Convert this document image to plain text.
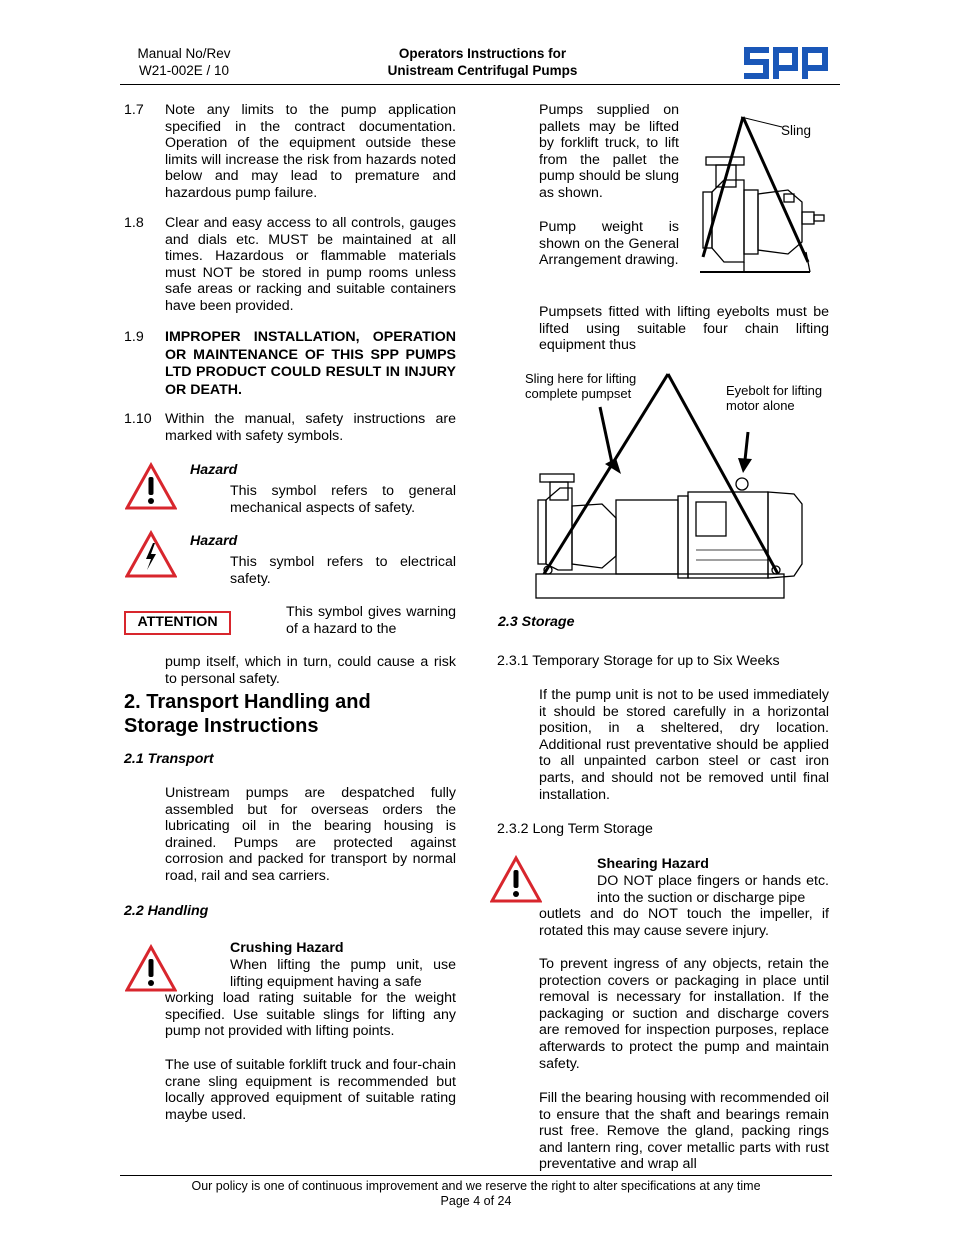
Manual No/Rev
W21-002E / 10
Operators Instructions for
Unistream Centrifugal Pumps
1.7	Note any limits to the pump application specified in the contract documentation. Operation of the equipment outside these limits will increase the risk from hazards noted below and may lead to premature and hazardous pump failure.
1.8	Clear and easy access to all controls, gauges and dials etc. MUST be maintained at all times. Hazardous or flammable materials must NOT be stored in pump rooms unless safe areas or racking and suitable containers have been provided.
1.9	IMPROPER INSTALLATION, OPERATION OR MAINTENANCE OF THIS SPP PUMPS LTD PRODUCT COULD RESULT IN INJURY OR DEATH.
1.10 Within the manual, safety instructions are marked with safety symbols.
Hazard
This symbol refers to general mechanical aspects of safety.
Hazard
This symbol refers to electrical safety.
ATTENTION
This symbol gives warning of a hazard to the
pump itself, which in turn, could cause a risk to personal safety.
2. Transport Handling and Storage Instructions
2.1 Transport
Unistream pumps are despatched fully assembled but for overseas orders the lubricating oil in the bearing housing is drained. Pumps are protected against corrosion and packed for transport by normal road, rail and sea carriers.
2.2 Handling
Crushing Hazard
When lifting the pump unit, use lifting equipment having a safe
working load rating suitable for the weight specified. Use suitable slings for lifting any pump not provided with lifting points.
The use of suitable forklift truck and four-chain crane sling equipment is recommended but locally approved equipment of suitable rating maybe used.
Pumps supplied on pallets may be lifted by forklift truck, to lift from the pallet the pump should be slung as shown.
Pump weight is shown on the General Arrangement drawing.
Sling
Pumpsets fitted with lifting eyebolts must be lifted using suitable four chain lifting equipment thus
Sling here for lifting complete pumpset	Eyebolt for lifting motor alone
2.3 Storage
2.3.1 Temporary Storage for up to Six Weeks
If the pump unit is not to be used immediately it should be stored carefully in a horizontal position, in a sheltered, dry location. Additional rust preventative should be applied to all unpainted carbon steel or cast iron parts, and should not be removed until final installation.
2.3.2 Long Term Storage
Shearing Hazard
DO NOT place fingers or hands etc. into the suction or discharge pipe
outlets and do NOT touch the impeller, if rotated this may cause severe injury.
To prevent ingress of any objects, retain the protection covers or packaging in place until removal is necessary for installation. If the packaging or suction and discharge covers are removed for inspection purposes, replace afterwards to protect the pump and maintain safety.
Fill the bearing housing with recommended oil to ensure that the shaft and bearings remain rust free. Remove the gland, packing rings and lantern ring, cover metallic parts with rust preventative and wrap all
Our policy is one of continuous improvement and we reserve the right to alter specifications at any time
Page 4 of 24
